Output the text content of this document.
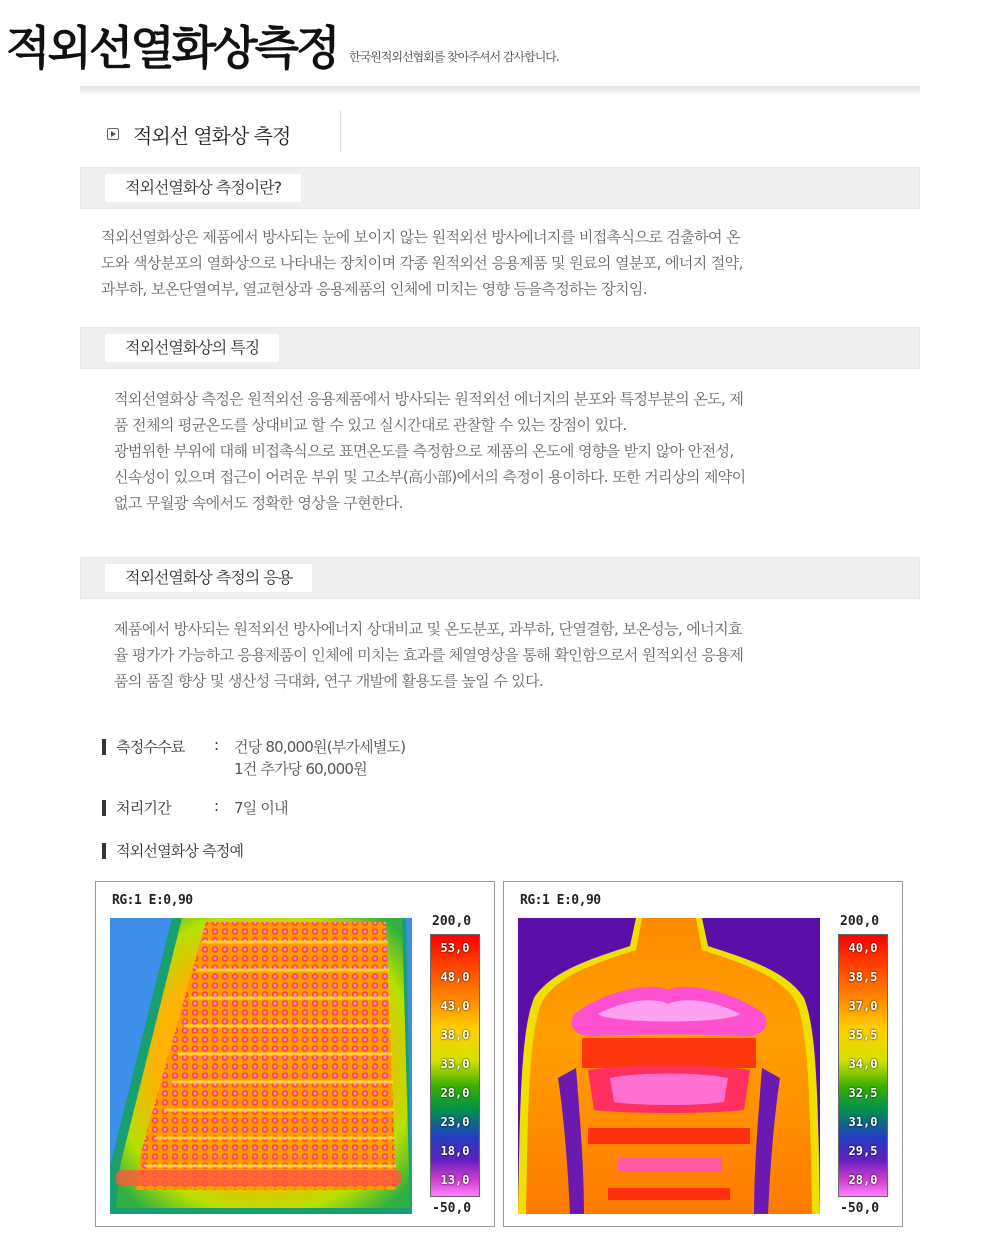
적외선열화상측정 한국원적외선협회를 찾아주셔서 감사합니다.
적외선 열화상 측정
적외선열화상 측정이란?

적외선열화상은 제품에서 방사되는 눈에 보이지 않는 원적외선 방사에너지를 비접촉식으로 검출하여 온

도와 색상분포의 열화상으로 나타내는 장치이며 각종 원적외선 응용제품 및 원료의 열분포, 에너지 절약,

과부하, 보온단열여부, 열교현상과 응용제품의 인체에 미치는 영향 등을측정하는 장치임.

적외선열화상의 특징

적외선열화상 측정은 원적외선 응용제품에서 방사되는 원적외선 에너지의 분포와 특정부분의 온도, 제

품 전체의 평균온도를 상대비교 할 수 있고 실시간대로 관찰할 수 있는 장점이 있다.

광범위한 부위에 대해 비접촉식으로 표면온도를 측정함으로 제품의 온도에 영향을 받지 않아 안전성,

신속성이 있으며 접근이 어려운 부위 및 고소부(高小部)에서의 측정이 용이하다. 또한 거리상의 제약이

없고 무월광 속에서도 정확한 영상을 구현한다.

적외선열화상 측정의 응용

제품에서 방사되는 원적외선 방사에너지 상대비교 및 온도분포, 과부하, 단열결함, 보온성능, 에너지효

율 평가가 가능하고 응용제품이 인체에 미치는 효과를 체열영상을 통해 확인함으로서 원적외선 응용제

품의 품질 향상 및 생산성 극대화, 연구 개발에 활용도를 높일 수 있다.

측정수수료	:	건당 80,000원(부가세별도)
1건 추가당 60,000원
처리기간	:	7일 이내
적외선열화상 측정예
RG:1 E:0,90
200,0
53,0
48,0
43,0
38,0
33,0
28,0
23,0
18,0
13,0
-50,0
RG:1 E:0,90
200,0
40,0
38,5
37,0
35,5
34,0
32,5
31,0
29,5
28,0
-50,0
